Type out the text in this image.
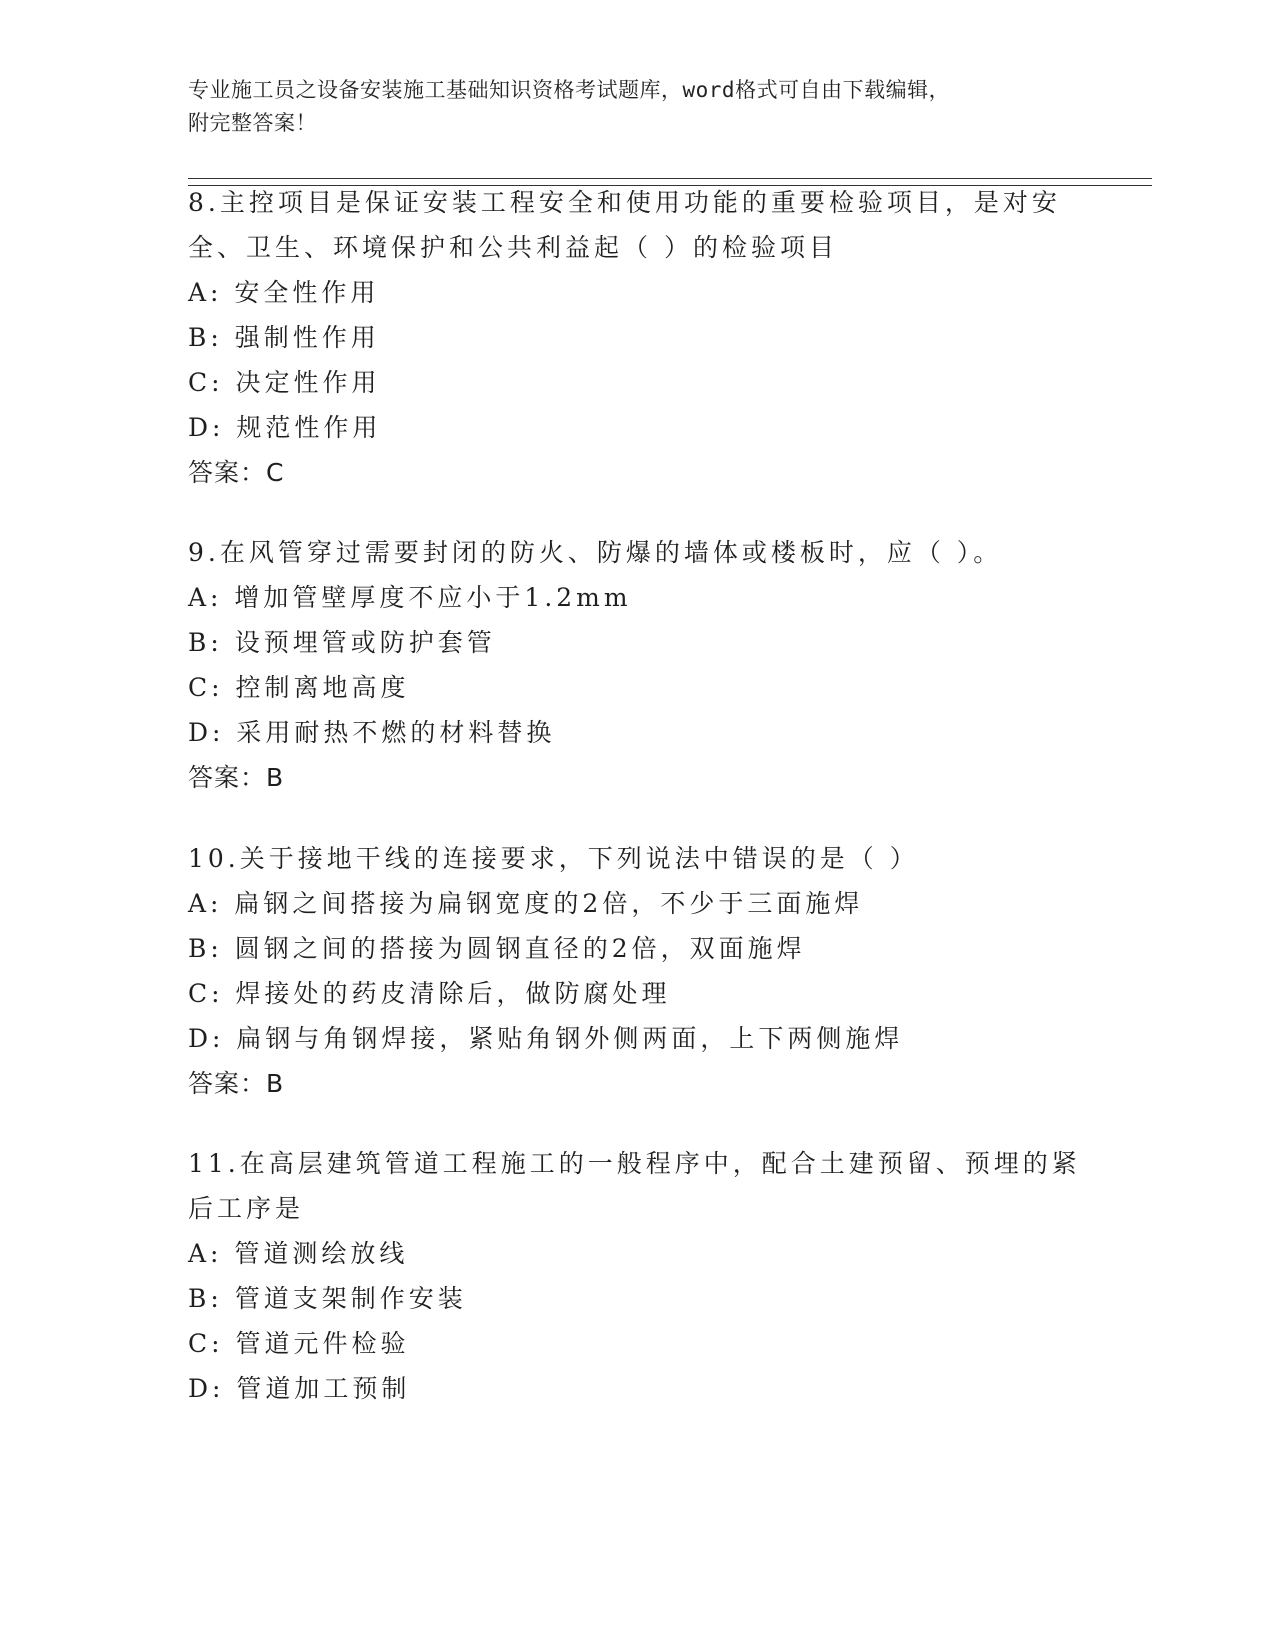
专业施工员之设备安装施工基础知识资格考试题库，word格式可自由下载编辑，
附完整答案！
8.主控项目是保证安装工程安全和使用功能的重要检验项目，是对安
全、卫生、环境保护和公共利益起（ ）的检验项目
A: 安全性作用
B: 强制性作用
C: 决定性作用
D: 规范性作用
答案：C
9.在风管穿过需要封闭的防火、防爆的墙体或楼板时，应（ ）。
A: 增加管壁厚度不应小于1.2mm
B: 设预埋管或防护套管
C: 控制离地高度
D: 采用耐热不燃的材料替换
答案：B
10.关于接地干线的连接要求，下列说法中错误的是（ ）
A: 扁钢之间搭接为扁钢宽度的2倍，不少于三面施焊
B: 圆钢之间的搭接为圆钢直径的2倍，双面施焊
C: 焊接处的药皮清除后，做防腐处理
D: 扁钢与角钢焊接，紧贴角钢外侧两面，上下两侧施焊
答案：B
11.在高层建筑管道工程施工的一般程序中，配合土建预留、预埋的紧
后工序是
A: 管道测绘放线
B: 管道支架制作安装
C: 管道元件检验
D: 管道加工预制
